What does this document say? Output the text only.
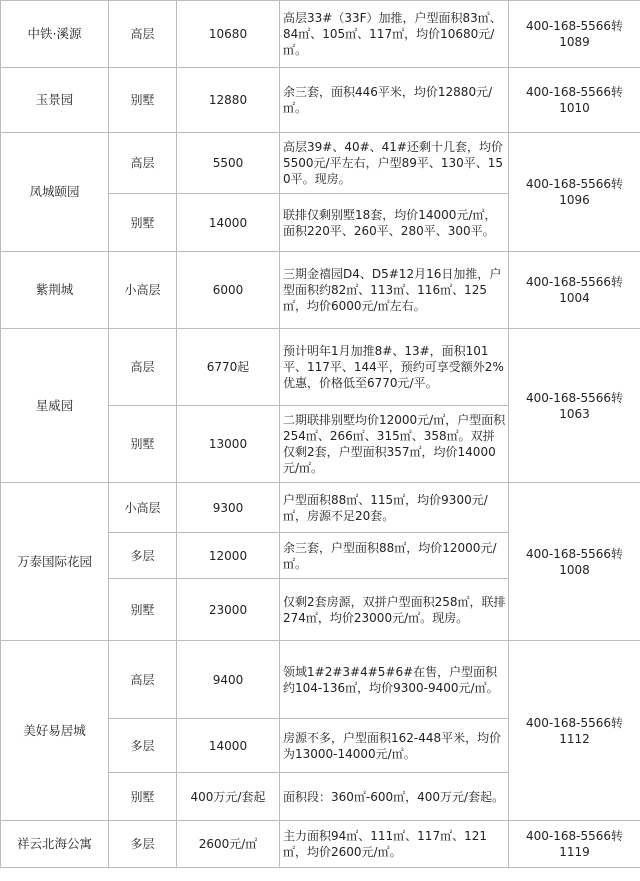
中铁·溪源	高层	10680	高层33#（33F）加推，户型面积83㎡、84㎡、105㎡、117㎡，均价10680元/㎡。	400-168-5566转1089
玉景园	别墅	12880	余三套，面积446平米，均价12880元/㎡。	400-168-5566转1010
凤城颐园	高层	5500	高层39#、40#、41#还剩十几套，均价5500元/平左右，户型89平、130平、150平。现房。	400-168-5566转1096
	别墅	14000	联排仅剩别墅18套，均价14000元/㎡，面积220平、260平、280平、300平。	
紫荆城	小高层	6000	三期金禧园D4、D5#12月16日加推，户型面积约82㎡、113㎡、116㎡、125㎡，均价6000元/㎡左右。	400-168-5566转1004
星威园	高层	6770起	预计明年1月加推8#、13#，面积101平、117平、144平，预约可享受额外2%优惠，价格低至6770元/平。	400-168-5566转1063
	别墅	13000	二期联排别墅均价12000元/㎡，户型面积254㎡、266㎡、315㎡、358㎡。双拼仅剩2套，户型面积357㎡，均价14000元/㎡。	
万泰国际花园	小高层	9300	户型面积88㎡、115㎡，均价9300元/㎡，房源不足20套。	400-168-5566转1008
	多层	12000	余三套，户型面积88㎡，均价12000元/㎡。	
	别墅	23000	仅剩2套房源，双拼户型面积258㎡，联排274㎡，均价23000元/㎡。现房。	
美好易居城	高层	9400	领域1#2#3#4#5#6#在售，户型面积约104-136㎡，均价9300-9400元/㎡。	400-168-5566转1112
	多层	14000	房源不多，户型面积162-448平米，均价为13000-14000元/㎡。	
	别墅	400万元/套起	面积段：360㎡-600㎡，400万元/套起。	
祥云北海公寓	多层	2600元/㎡	主力面积94㎡、111㎡、117㎡、121㎡，均价2600元/㎡。	400-168-5566转1119
